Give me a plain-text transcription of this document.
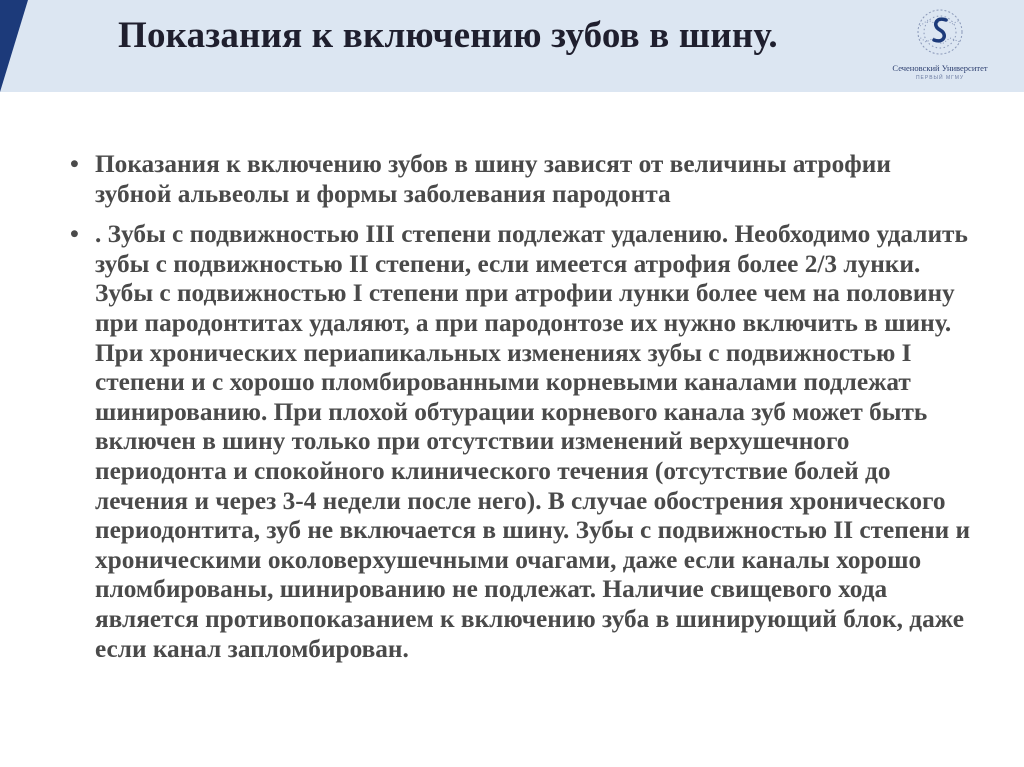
Показания к включению зубов в шину.
Сеченовский Университет
ПЕРВЫЙ МГМУ
• Показания к включению зубов в шину зависят от величины атрофии зубной альвеолы и формы заболевания пародонта
• . Зубы с подвижностью III степени подлежат удалению. Необходимо удалить зубы с подвижностью II степени, если имеется атрофия более 2/3 лунки. Зубы с подвижностью I степени при атрофии лунки более чем на половину при пародонтитах удаляют, а при пародонтозе их нужно включить в шину. При хронических периапикальных изменениях зубы с подвижностью I степени и с хорошо пломбированными корневыми каналами подлежат шинированию. При плохой обтурации корневого канала зуб может быть включен в шину только при отсутствии изменений верхушечного периодонта и спокойного клинического течения (отсутствие болей до лечения и через 3-4 недели после него). В случае обострения хронического периодонтита, зуб не включается в шину. Зубы с подвижностью II степени и хроническими околоверхушечными очагами, даже если каналы хорошо пломбированы, шинированию не подлежат. Наличие свищевого хода является противопоказанием к включению зуба в шинирующий блок, даже если канал запломбирован.
